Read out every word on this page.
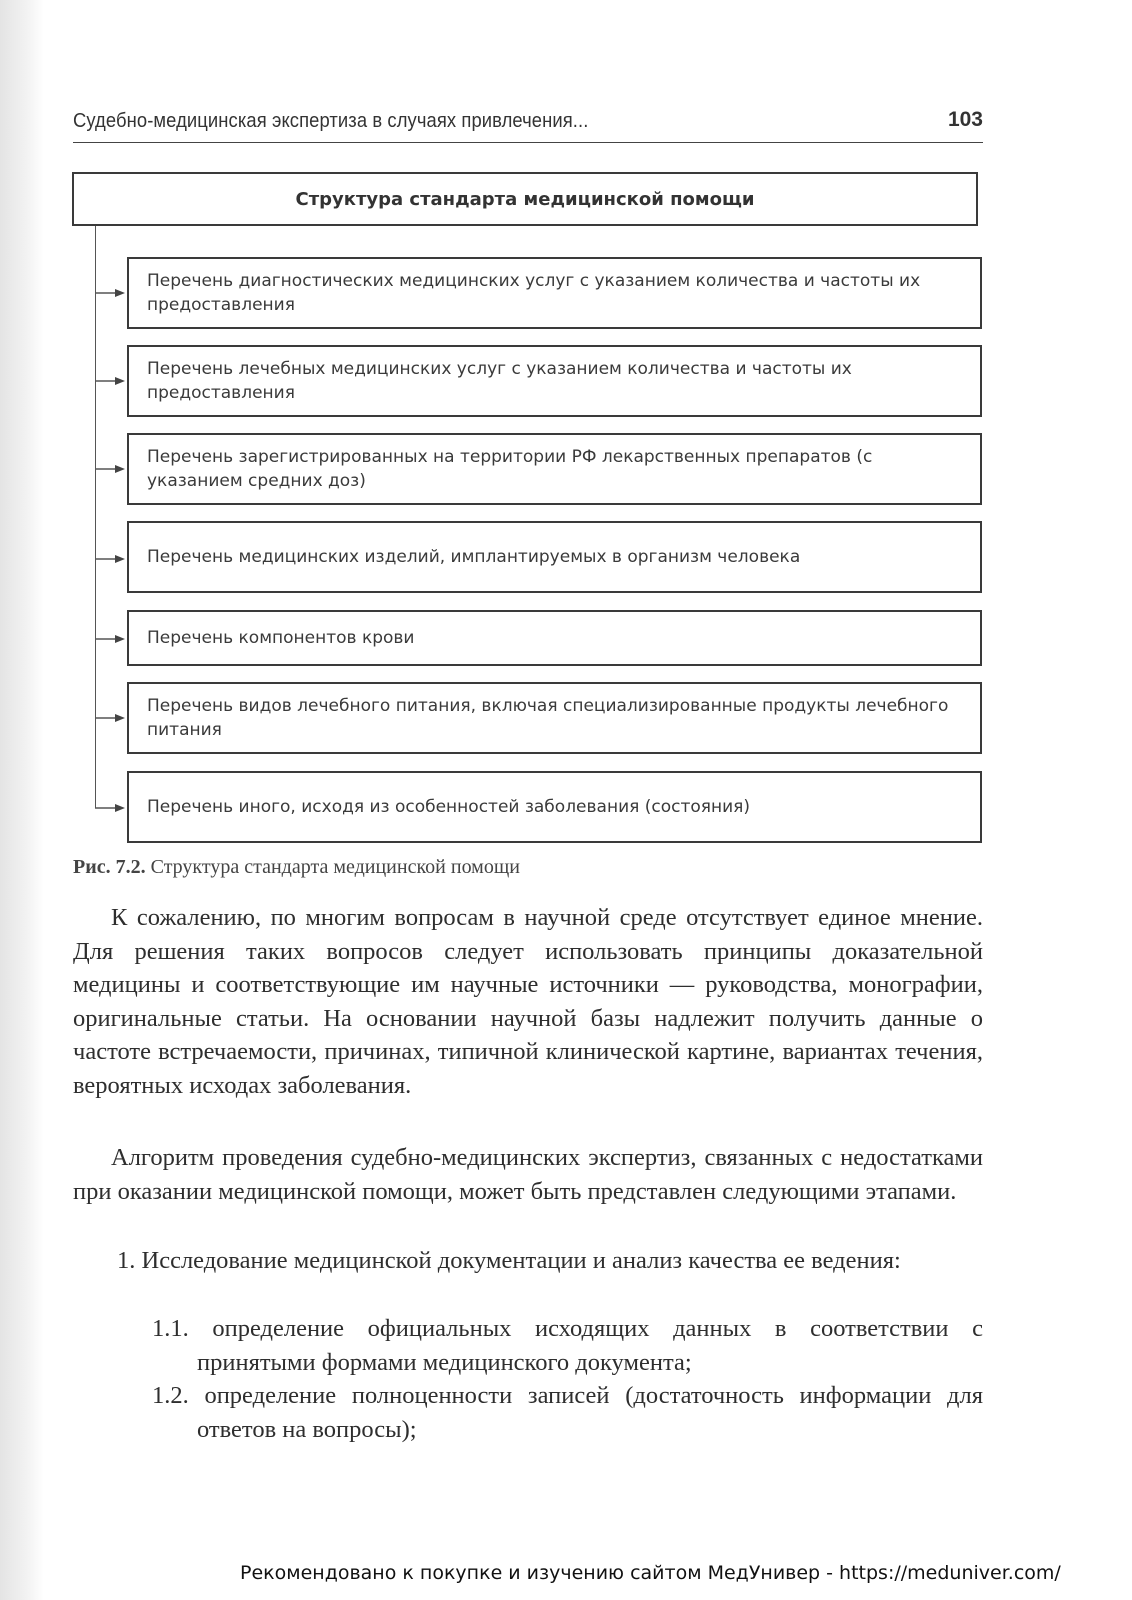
Судебно-медицинская экспертиза в случаях привлечения...	103
Структура стандарта медицинской помощи
Перечень диагностических медицинских услуг с указанием количества и частоты их предоставления
Перечень лечебных медицинских услуг с указанием количества и частоты их предоставления
Перечень зарегистрированных на территории РФ лекарственных препаратов (с указанием средних доз)
Перечень медицинских изделий, имплантируемых в организм человека
Перечень компонентов крови
Перечень видов лечебного питания, включая специализированные продукты лечебного питания
Перечень иного, исходя из особенностей заболевания (состояния)
Рис. 7.2. Структура стандарта медицинской помощи
К сожалению, по многим вопросам в научной среде отсутствует единое мнение. Для решения таких вопросов следует использовать принципы доказательной медицины и соответствующие им научные источники — руководства, монографии, оригинальные статьи. На основании научной базы надлежит получить данные о частоте встречаемости, причинах, типичной клинической картине, вариантах течения, вероятных исходах заболевания.
Алгоритм проведения судебно-медицинских экспертиз, связанных с недостатками при оказании медицинской помощи, может быть представлен следующими этапами.
1. Исследование медицинской документации и анализ качества ее ведения:
1.1. определение официальных исходящих данных в соответствии с принятыми формами медицинского документа;
1.2. определение полноценности записей (достаточность информации для ответов на вопросы);
Рекомендовано к покупке и изучению сайтом МедУнивер - https://meduniver.com/
